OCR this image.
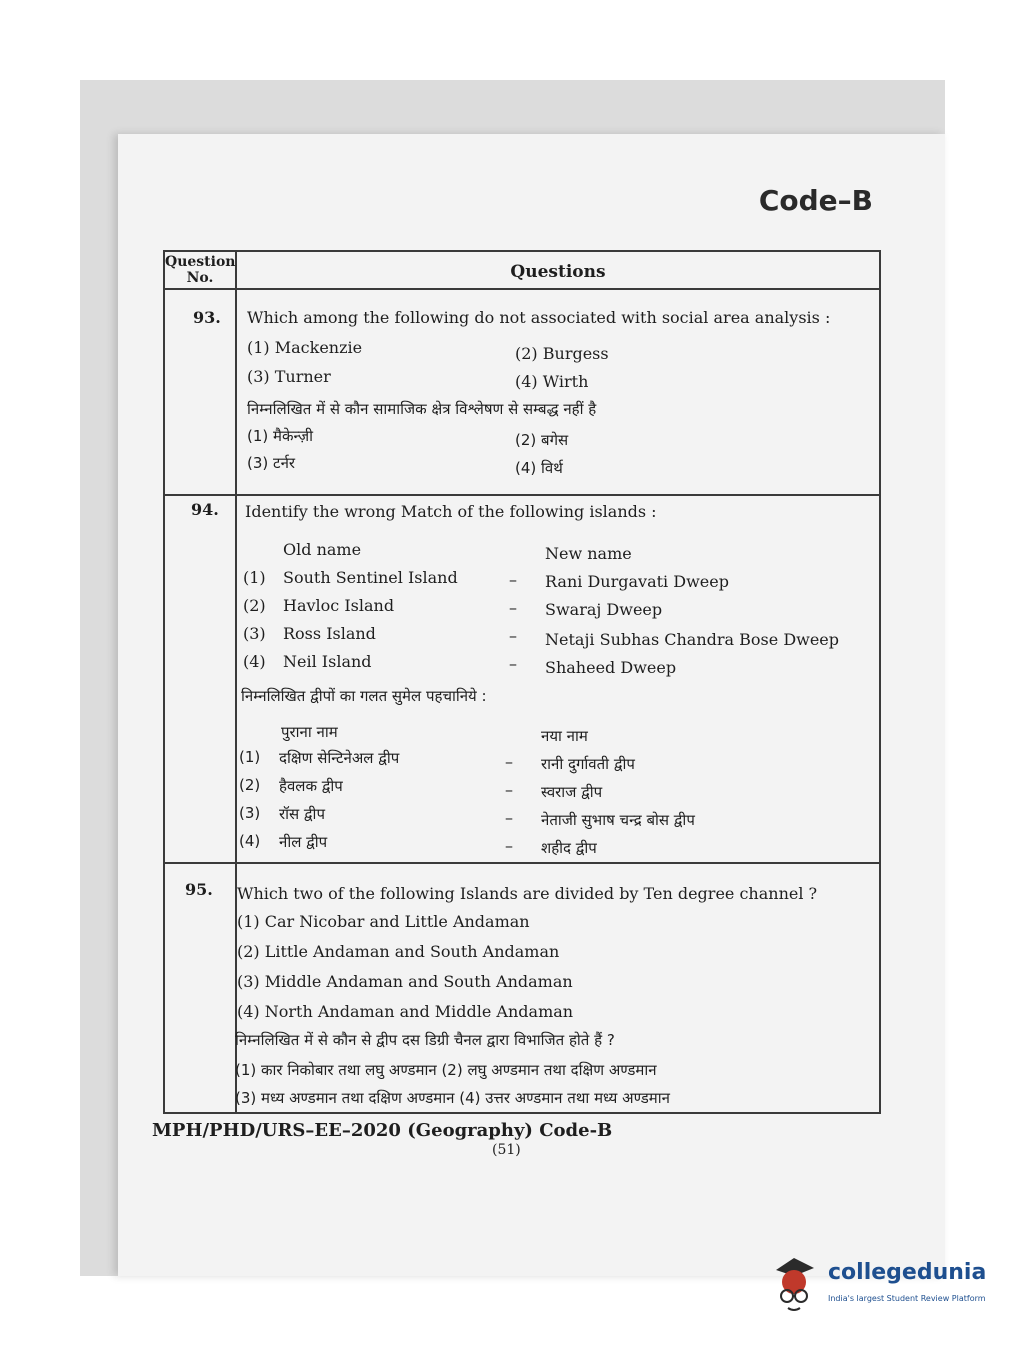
Code–B
Question No.	Questions
93. Which among the following do not associated with social area analysis :
(1) Mackenzie	(2) Burgess
(3) Turner	(4) Wirth
निम्नलिखित में से कौन सामाजिक क्षेत्र विश्लेषण से सम्बद्ध नहीं है
(1) मैकेन्ज़ी	(2) बगेस
(3) टर्नर	(4) विर्थ
94. Identify the wrong Match of the following islands :
Old name	New name
(1) South Sentinel Island	– Rani Durgavati Dweep
(2) Havloc Island	– Swaraj Dweep
(3) Ross Island	– Netaji Subhas Chandra Bose Dweep
(4) Neil Island	– Shaheed Dweep
निम्नलिखित द्वीपों का गलत सुमेल पहचानिये :
पुराना नाम	नया नाम
(1) दक्षिण सेन्टिनेअल द्वीप	– रानी दुर्गावती द्वीप
(2) हैवलक द्वीप	– स्वराज द्वीप
(3) रॉस द्वीप	– नेताजी सुभाष चन्द्र बोस द्वीप
(4) नील द्वीप	– शहीद द्वीप
95. Which two of the following Islands are divided by Ten degree channel ?
(1) Car Nicobar and Little Andaman
(2) Little Andaman and South Andaman
(3) Middle Andaman and South Andaman
(4) North Andaman and Middle Andaman
निम्नलिखित में से कौन से द्वीप दस डिग्री चैनल द्वारा विभाजित होते हैं ?
(1) कार निकोबार तथा लघु अण्डमान (2) लघु अण्डमान तथा दक्षिण अण्डमान
(3) मध्य अण्डमान तथा दक्षिण अण्डमान (4) उत्तर अण्डमान तथा मध्य अण्डमान
MPH/PHD/URS–EE–2020 (Geography) Code-B
(51)
collegedunia
India's largest Student Review Platform
